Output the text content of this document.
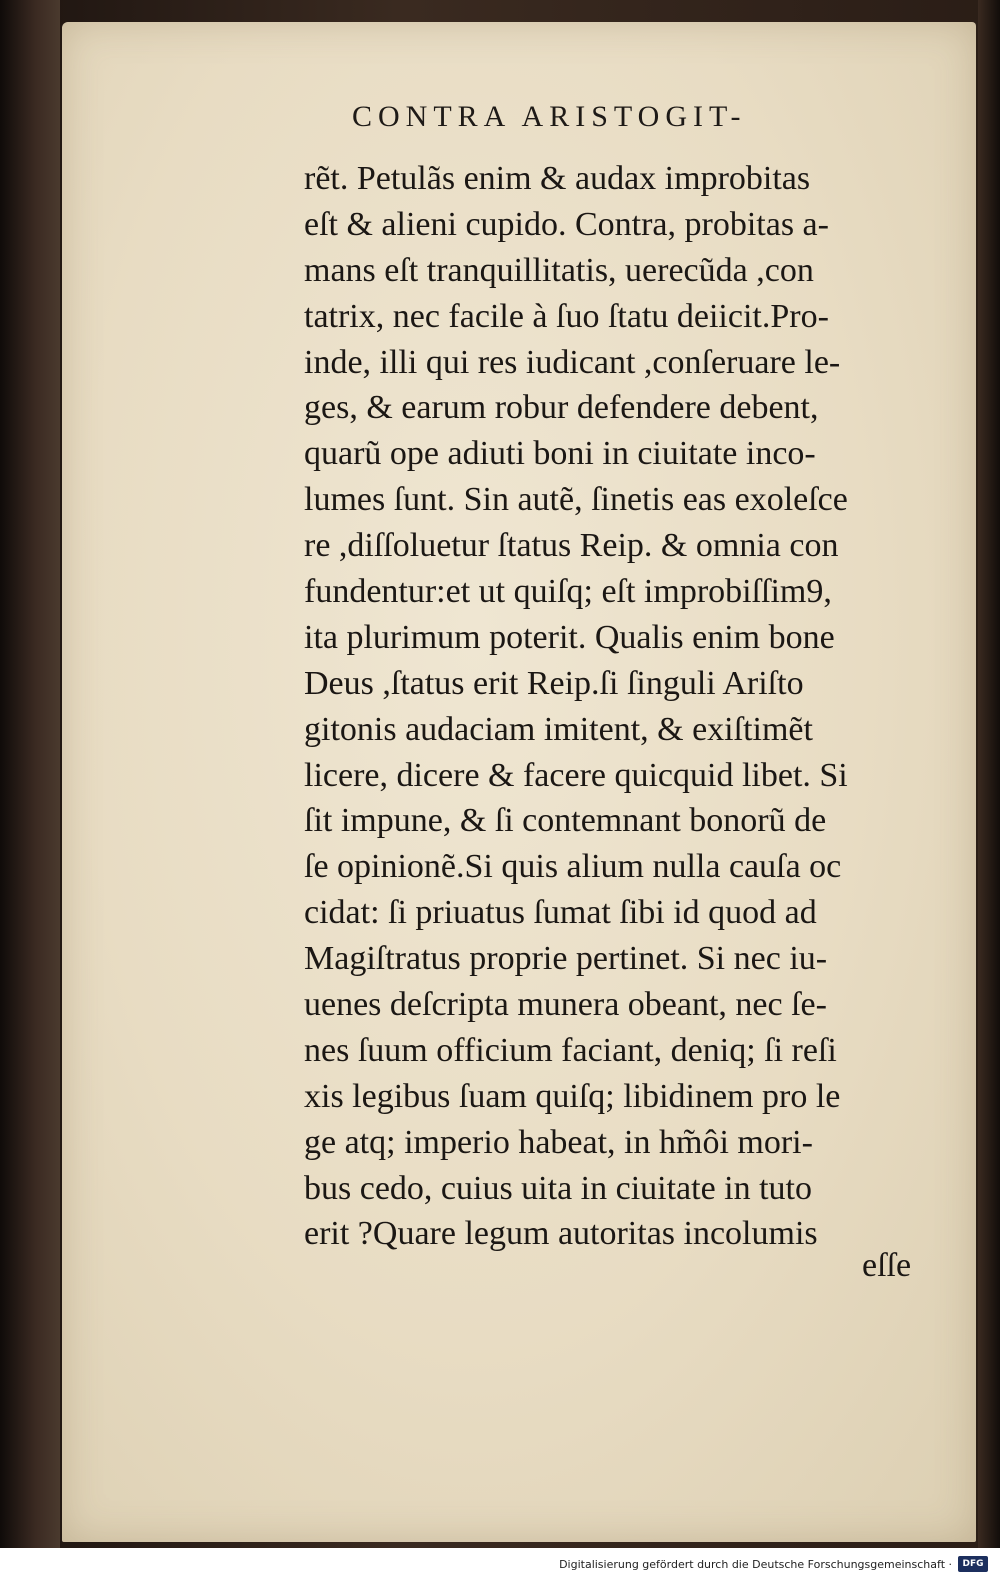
CONTRA ARISTOGIT-
rẽt. Petulãs enim & audax improbitas
eſt & alieni cupido. Contra, probitas a-
mans eſt tranquillitatis, uerecũda ,con
tatrix, nec facile à ſuo ſtatu deiicit.Pro-
inde, illi qui res iudicant ,conſeruare le-
ges, & earum robur defendere debent,
quarũ ope adiuti boni in ciuitate inco-
lumes ſunt. Sin autẽ, ſinetis eas exoleſce
re ,diſſoluetur ſtatus Reip. & omnia con
fundentur:et ut quiſq; eſt improbiſſim9,
ita plurimum poterit. Qualis enim bone
Deus ,ſtatus erit Reip.ſi ſinguli Ariſto
gitonis audaciam imitent, & exiſtimẽt
licere, dicere & facere quicquid libet. Si
ſit impune, & ſi contemnant bonorũ de
ſe opinionẽ.Si quis alium nulla cauſa oc
cidat: ſi priuatus ſumat ſibi id quod ad
Magiſtratus proprie pertinet. Si nec iu-
uenes deſcripta munera obeant, nec ſe-
nes ſuum officium faciant, deniq; ſi reſi
xis legibus ſuam quiſq; libidinem pro le
ge atq; imperio habeat, in hm̃ôi mori-
bus cedo, cuius uita in ciuitate in tuto
erit ?Quare legum autoritas incolumis
eſſe
Digitalisierung gefördert durch die Deutsche Forschungsgemeinschaft ·	DFG
